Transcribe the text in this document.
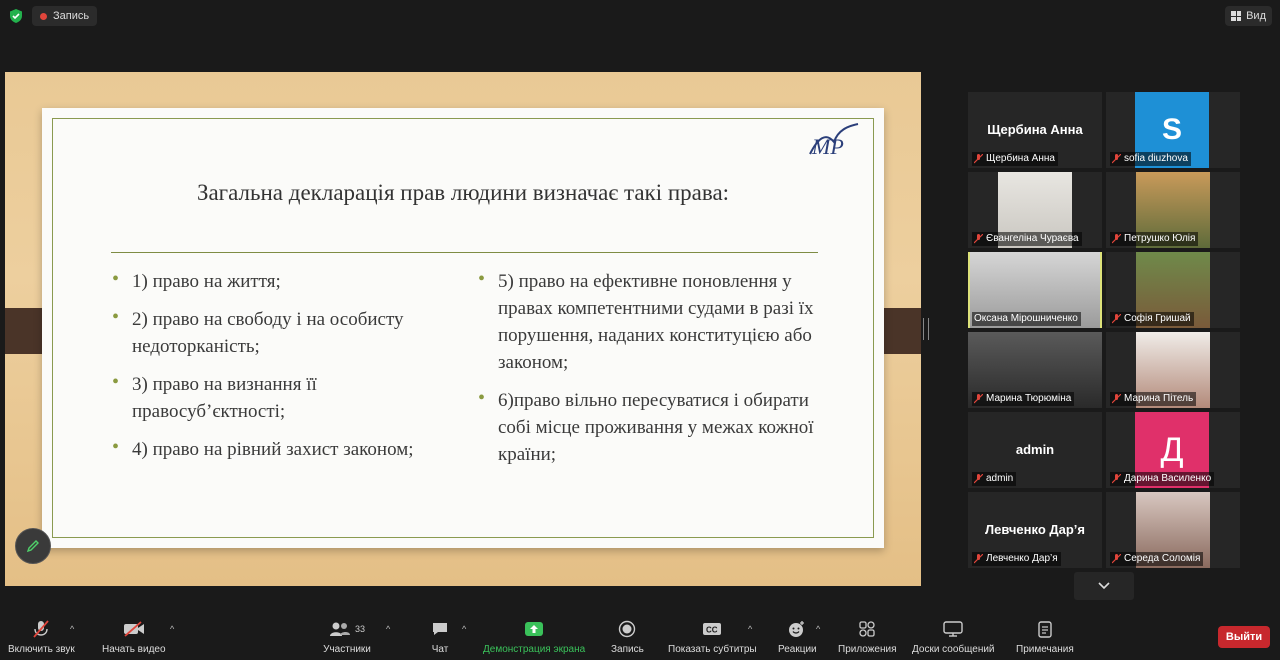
Запись	Вид
МР
Загальна декларація прав людини визначає такі права:
• 1) право на життя;
• 2) право на свободу і на особисту недоторканість;
• 3) право на визнання її правосуб’єктності;
• 4) право на рівний захист законом;
• 5) право на ефективне поновлення у правах компетентними судами в разі їх порушення, наданих конституцією або законом;
• 6)право вільно пересуватися і обирати собі місце проживання у межах кожної країни;
Щербина Анна
Щербина Анна
S
sofia diuzhova
Євангеліна Чураєва	Петрушко Юлія
Оксана Мірошниченко	Софія Гришай
Марина Тюрюміна	Марина Пітель
admin
admin
Д
Дарина Василенко
Левченко Дар’я
Левченко Дар’я	Середа Соломія
Включить звук
^
Начать видео
^	33
Участники
^
Чат
^
Демонстрация экрана	Запись
CC
Показать субтитры
^
Реакции
^
Приложения Доски сообщений Примечания
Выйти
